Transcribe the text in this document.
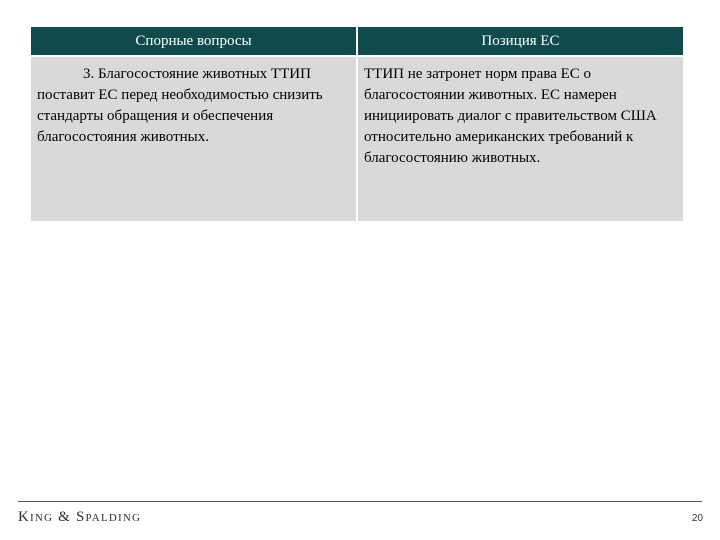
Спорные вопросы	Позиция ЕС

3. Благосостояние животных ТТИП поставит ЕС перед необходимостью снизить стандарты обращения и обеспечения благосостояния животных.	ТТИП не затронет норм права ЕС о благосостоянии животных. ЕС намерен инициировать диалог с правительством США относительно американских требований к благосостоянию животных.
King & Spalding	20
